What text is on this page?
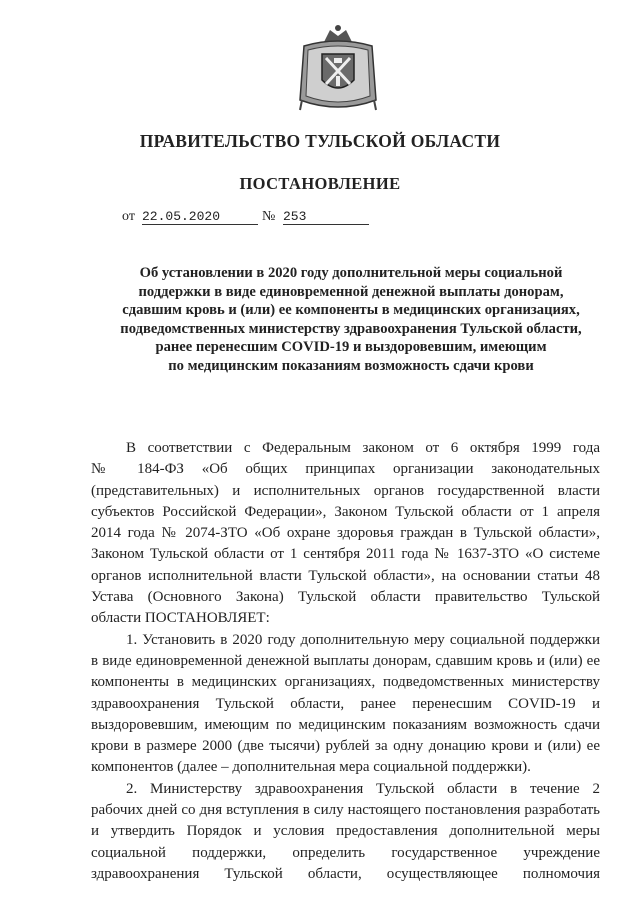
ПРАВИТЕЛЬСТВО ТУЛЬСКОЙ ОБЛАСТИ
ПОСТАНОВЛЕНИЕ
от 22.05.2020	№ 253
Об установлении в 2020 году дополнительной меры социальной
поддержки в виде единовременной денежной выплаты донорам,
сдавшим кровь и (или) ее компоненты в медицинских организациях,
подведомственных министерству здравоохранения Тульской области,
ранее перенесшим COVID-19 и выздоровевшим, имеющим
по медицинским показаниям возможность сдачи крови
В соответствии с Федеральным законом от 6 октября 1999 года
№ 184-ФЗ «Об общих принципах организации законодательных
(представительных) и исполнительных органов государственной власти
субъектов Российской Федерации», Законом Тульской области от 1 апреля
2014 года № 2074-ЗТО «Об охране здоровья граждан в Тульской области»,
Законом Тульской области от 1 сентября 2011 года № 1637-ЗТО «О системе
органов исполнительной власти Тульской области», на основании статьи 48
Устава (Основного Закона) Тульской области правительство Тульской
области ПОСТАНОВЛЯЕТ:
1. Установить в 2020 году дополнительную меру социальной поддержки
в виде единовременной денежной выплаты донорам, сдавшим кровь и (или) ее
компоненты в медицинских организациях, подведомственных министерству
здравоохранения Тульской области, ранее перенесшим COVID-19 и
выздоровевшим, имеющим по медицинским показаниям возможность сдачи
крови в размере 2000 (две тысячи) рублей за одну донацию крови и (или) ее
компонентов (далее – дополнительная мера социальной поддержки).
2. Министерству здравоохранения Тульской области в течение 2
рабочих дней со дня вступления в силу настоящего постановления разработать
и утвердить Порядок и условия предоставления дополнительной меры
социальной поддержки, определить государственное учреждение
здравоохранения Тульской области, осуществляющее полномочия
